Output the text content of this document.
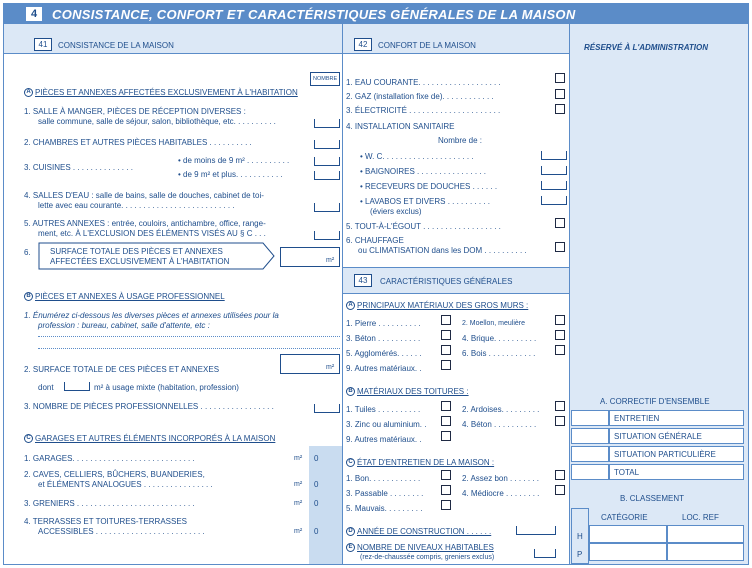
4	CONSISTANCE, CONFORT ET CARACTÉRISTIQUES GÉNÉRALES DE LA MAISON
41	CONSISTANCE DE LA MAISON
NOMBRE
A PIÈCES ET ANNEXES AFFECTÉES EXCLUSIVEMENT À L'HABITATION
1. SALLE À MANGER, PIÈCES DE RÉCEPTION DIVERSES :
salle commune, salle de séjour, salon, bibliothèque, etc. . . . . . . . . .
2. CHAMBRES ET AUTRES PIÈCES HABITABLES . . . . . . . . . .
3. CUISINES . . . . . . . . . . . . . .
• de moins de 9 m² . . . . . . . . . .
• de 9 m² et plus. . . . . . . . . . .
4. SALLES D'EAU : salle de bains, salle de douches, cabinet de toi-
lette avec eau courante. . . . . . . . . . . . . . . . . . . . . . . . . .
5. AUTRES ANNEXES : entrée, couloirs, antichambre, office, range-
ment, etc. À L'EXCLUSION DES ÉLÉMENTS VISÉS AU § C . . .
6. SURFACE TOTALE DES PIÈCES ET ANNEXES
AFFECTÉES EXCLUSIVEMENT À L'HABITATION	m²
B PIÈCES ET ANNEXES À USAGE PROFESSIONNEL
1. Énumérez ci-dessous les diverses pièces et annexes utilisées pour la
profession : bureau, cabinet, salle d'attente, etc :
2. SURFACE TOTALE DE CES PIÈCES ET ANNEXES	m²
dont	m² à usage mixte (habitation, profession)
3. NOMBRE DE PIÈCES PROFESSIONNELLES . . . . . . . . . . . . . . . . .
C GARAGES ET AUTRES ÉLÉMENTS INCORPORÉS À LA MAISON
1. GARAGES. . . . . . . . . . . . . . . . . . . . . . . . . . . .	m² 0
2. CAVES, CELLIERS, BÛCHERS, BUANDERIES,
et ÉLÉMENTS ANALOGUES . . . . . . . . . . . . . . . .	m² 0
3. GRENIERS . . . . . . . . . . . . . . . . . . . . . . . . . . .	m² 0
4. TERRASSES ET TOITURES-TERRASSES
ACCESSIBLES . . . . . . . . . . . . . . . . . . . . . . . . .	m² 0
42	CONFORT DE LA MAISON
1. EAU COURANTE. . . . . . . . . . . . . . . . . . .
2. GAZ (installation fixe de). . . . . . . . . . . .
3. ÉLECTRICITÉ . . . . . . . . . . . . . . . . . . . . .
4. INSTALLATION SANITAIRE
Nombre de :
• W. C. . . . . . . . . . . . . . . . . . . . .
• BAIGNOIRES . . . . . . . . . . . . . . . .
• RECEVEURS DE DOUCHES . . . . . .
• LAVABOS ET DIVERS . . . . . . . . . .
(éviers exclus)
5. TOUT-À-L'ÉGOUT . . . . . . . . . . . . . . . . . .
6. CHAUFFAGE
ou CLIMATISATION dans les DOM . . . . . . . . . .
43	CARACTÉRISTIQUES GÉNÉRALES
A PRINCIPAUX MATÉRIAUX DES GROS MURS :
1. Pierre . . . . . . . . . .	2. Moellon, meulière
3. Béton . . . . . . . . . .	4. Brique. . . . . . . . . .
5. Agglomérés. . . . . .	6. Bois . . . . . . . . . . .
9. Autres matériaux. .
B MATÉRIAUX DES TOITURES :
1. Tuiles . . . . . . . . . .	2. Ardoises. . . . . . . . .
3. Zinc ou aluminium. .	4. Béton . . . . . . . . . .
9. Autres matériaux. .
C ÉTAT D'ENTRETIEN DE LA MAISON :
1. Bon. . . . . . . . . . . .	2. Assez bon . . . . . . .
3. Passable . . . . . . . .	4. Médiocre . . . . . . . .
5. Mauvais. . . . . . . . .
D ANNÉE DE CONSTRUCTION . . . . . .
E NOMBRE DE NIVEAUX HABITABLES
(rez-de-chaussée compris, greniers exclus)
RÉSERVÉ À L'ADMINISTRATION
A. CORRECTIF D'ENSEMBLE
ENTRETIEN
SITUATION GÉNÉRALE
SITUATION PARTICULIÈRE
TOTAL
B. CLASSEMENT
CATÉGORIE	LOC. REF
H
P
